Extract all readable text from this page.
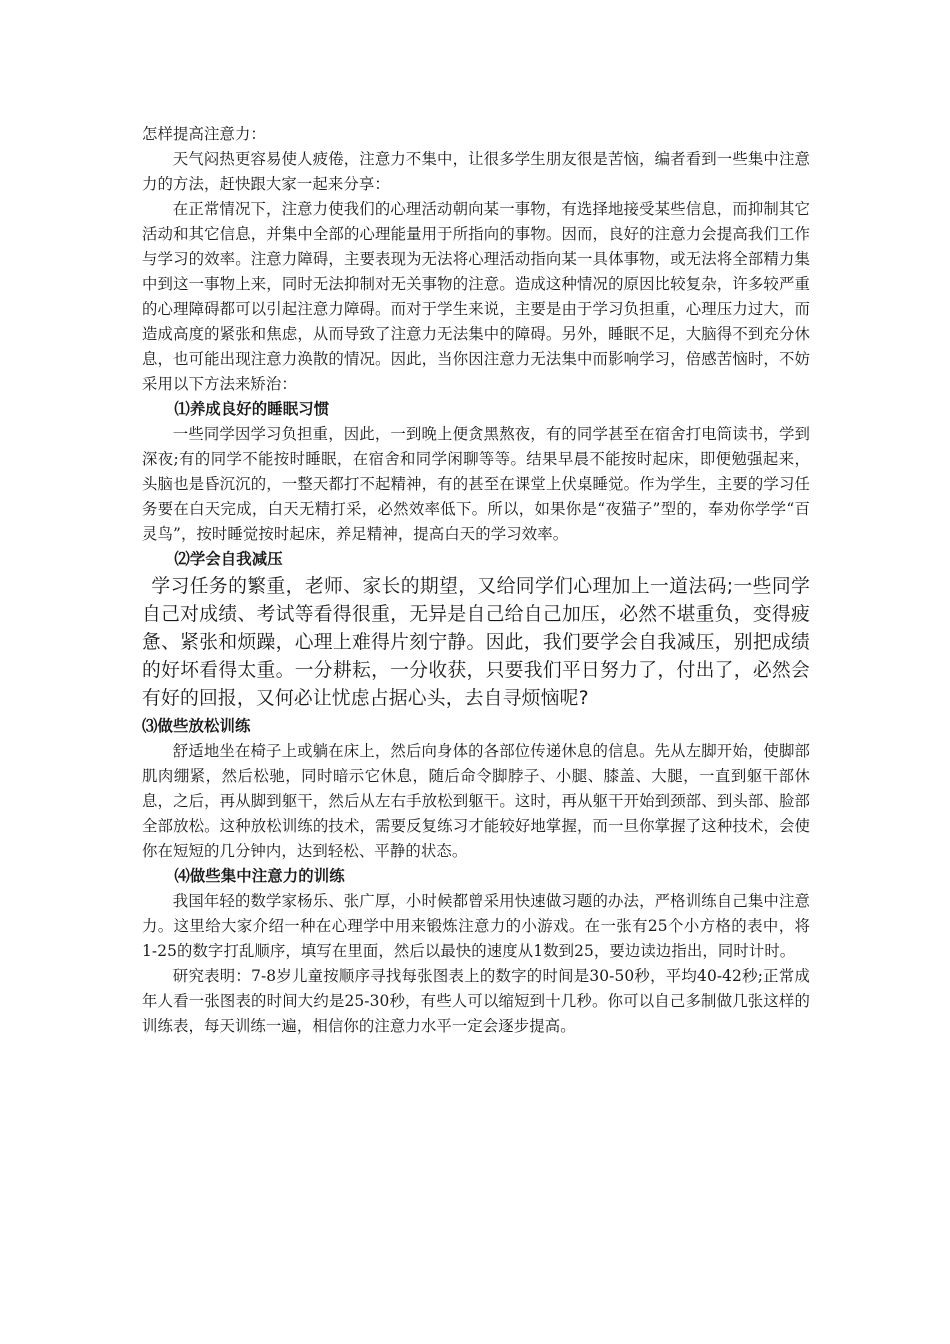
怎样提高注意力：

天气闷热更容易使人疲倦，注意力不集中，让很多学生朋友很是苦恼，编者看到一些集中注意力的方法，赶快跟大家一起来分享：

在正常情况下，注意力使我们的心理活动朝向某一事物，有选择地接受某些信息，而抑制其它活动和其它信息，并集中全部的心理能量用于所指向的事物。因而，良好的注意力会提高我们工作与学习的效率。注意力障碍，主要表现为无法将心理活动指向某一具体事物，或无法将全部精力集中到这一事物上来，同时无法抑制对无关事物的注意。造成这种情况的原因比较复杂，许多较严重的心理障碍都可以引起注意力障碍。而对于学生来说，主要是由于学习负担重，心理压力过大，而造成高度的紧张和焦虑，从而导致了注意力无法集中的障碍。另外，睡眠不足，大脑得不到充分休息，也可能出现注意力涣散的情况。因此，当你因注意力无法集中而影响学习，倍感苦恼时，不妨采用以下方法来矫治：

⑴养成良好的睡眠习惯

一些同学因学习负担重，因此，一到晚上便贪黑熬夜，有的同学甚至在宿舍打电筒读书，学到深夜;有的同学不能按时睡眠，在宿舍和同学闲聊等等。结果早晨不能按时起床，即便勉强起来，头脑也是昏沉沉的，一整天都打不起精神，有的甚至在课堂上伏桌睡觉。作为学生，主要的学习任务要在白天完成，白天无精打采，必然效率低下。所以，如果你是“夜猫子”型的，奉劝你学学“百灵鸟”，按时睡觉按时起床，养足精神，提高白天的学习效率。

⑵学会自我减压

学习任务的繁重，老师、家长的期望，又给同学们心理加上一道法码;一些同学自己对成绩、考试等看得很重，无异是自己给自己加压，必然不堪重负，变得疲惫、紧张和烦躁，心理上难得片刻宁静。因此，我们要学会自我减压，别把成绩的好坏看得太重。一分耕耘，一分收获，只要我们平日努力了，付出了，必然会有好的回报，又何必让忧虑占据心头，去自寻烦恼呢?

⑶做些放松训练

舒适地坐在椅子上或躺在床上，然后向身体的各部位传递休息的信息。先从左脚开始，使脚部肌肉绷紧，然后松驰，同时暗示它休息，随后命令脚脖子、小腿、膝盖、大腿，一直到躯干部休息，之后，再从脚到躯干，然后从左右手放松到躯干。这时，再从躯干开始到颈部、到头部、脸部全部放松。这种放松训练的技术，需要反复练习才能较好地掌握，而一旦你掌握了这种技术，会使你在短短的几分钟内，达到轻松、平静的状态。

⑷做些集中注意力的训练

我国年轻的数学家杨乐、张广厚，小时候都曾采用快速做习题的办法，严格训练自己集中注意力。这里给大家介绍一种在心理学中用来锻炼注意力的小游戏。在一张有25个小方格的表中，将1-25的数字打乱顺序，填写在里面，然后以最快的速度从1数到25，要边读边指出，同时计时。

研究表明：7-8岁儿童按顺序寻找每张图表上的数字的时间是30-50秒，平均40-42秒;正常成年人看一张图表的时间大约是25-30秒，有些人可以缩短到十几秒。你可以自己多制做几张这样的训练表，每天训练一遍，相信你的注意力水平一定会逐步提高。
